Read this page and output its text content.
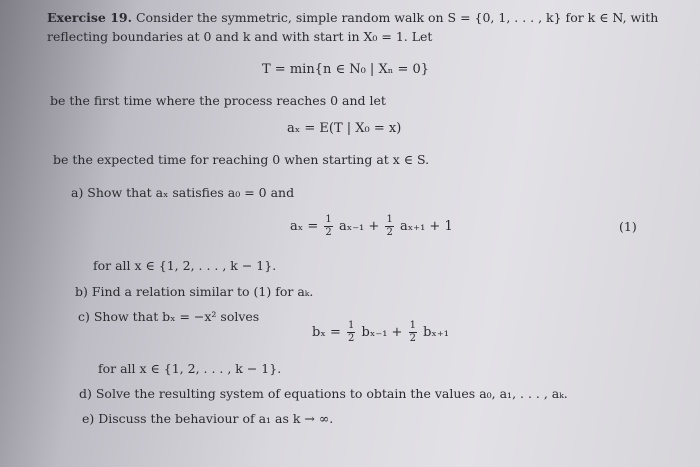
Exercise 19. Consider the symmetric, simple random walk on S = {0, 1, . . . , k} for k ∈ N, with
reflecting boundaries at 0 and k and with start in X₀ = 1. Let
T = min{n ∈ N₀ | Xₙ = 0}
be the first time where the process reaches 0 and let
aₓ = E(T | X₀ = x)
be the expected time for reaching 0 when starting at x ∈ S.
a) Show that aₓ satisfies a₀ = 0 and
$a_x = \frac{1}{2} a_{x-1} + \frac{1}{2} a_{x+1} + 1$	(1)
for all x ∈ {1, 2, . . . , k − 1}.
b) Find a relation similar to (1) for aₖ.
c) Show that bₓ = −x² solves
$b_x = \frac{1}{2} b_{x-1} + \frac{1}{2} b_{x+1}$
for all x ∈ {1, 2, . . . , k − 1}.
d) Solve the resulting system of equations to obtain the values a₀, a₁, . . . , aₖ.
e) Discuss the behaviour of a₁ as k → ∞.
